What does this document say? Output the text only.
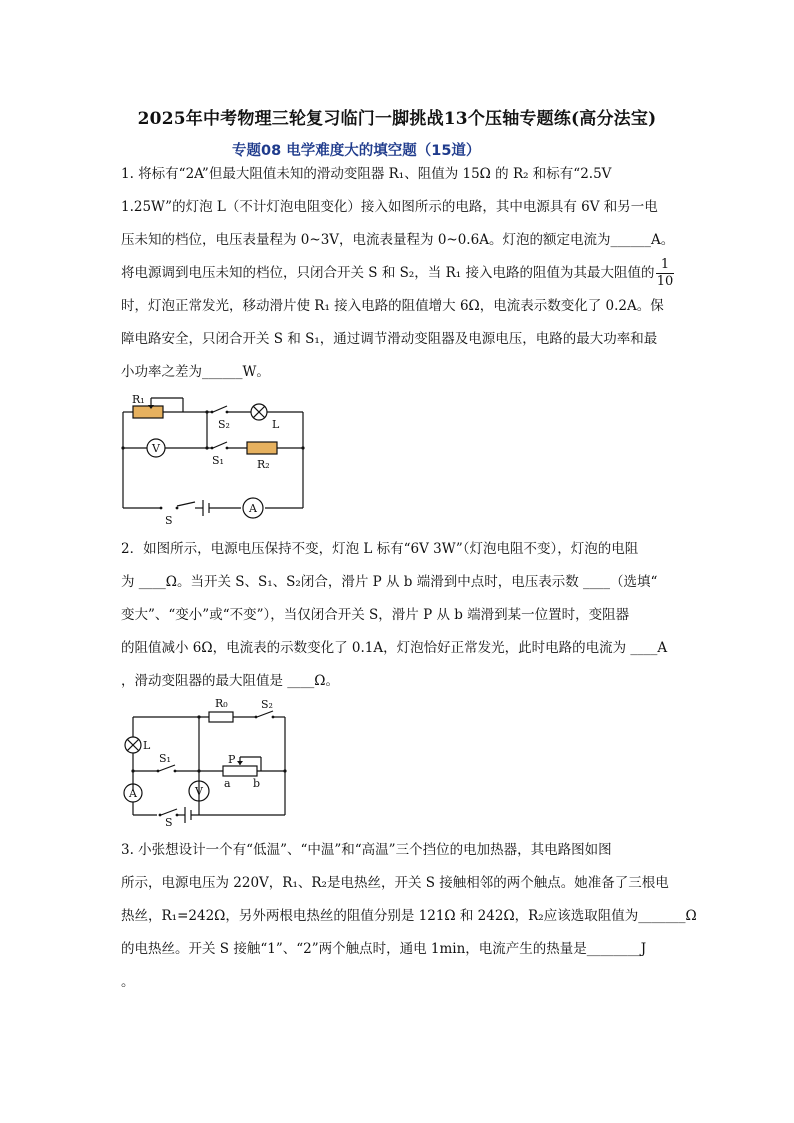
2025年中考物理三轮复习临门一脚挑战13个压轴专题练(高分法宝)
专题08 电学难度大的填空题（15道）
1. 将标有“2A”但最大阻值未知的滑动变阻器 R₁、阻值为 15Ω 的 R₂ 和标有“2.5V
1.25W”的灯泡 L（不计灯泡电阻变化）接入如图所示的电路，其中电源具有 6V 和另一电
压未知的档位，电压表量程为 0~3V，电流表量程为 0~0.6A。灯泡的额定电流为______A。
将电源调到电压未知的档位，只闭合开关 S 和 S₂，当 R₁ 接入电路的阻值为其最大阻值的
时，灯泡正常发光，移动滑片使 R₁ 接入电路的阻值增大 6Ω，电流表示数变化了 0.2A。保
障电路安全，只闭合开关 S 和 S₁，通过调节滑动变阻器及电源电压，电路的最大功率和最
小功率之差为______W。
$\frac{1}{10}$
R₁
S₂	L
V
S₁	R₂
S
A
2．如图所示，电源电压保持不变，灯泡 L 标有“6V 3W”（灯泡电阻不变），灯泡的电阻
为 ____Ω。当开关 S、S₁、S₂闭合，滑片 P 从 b 端滑到中点时，电压表示数 ____（选填“
变大”、“变小”或“不变”），当仅闭合开关 S，滑片 P 从 b 端滑到某一位置时，变阻器
的阻值减小 6Ω，电流表的示数变化了 0.1A，灯泡恰好正常发光，此时电路的电流为 ____A
，滑动变阻器的最大阻值是 ____Ω。
R₀	S₂
L
S₁	P
a b
A	V
S
3. 小张想设计一个有“低温”、“中温”和“高温”三个挡位的电加热器，其电路图如图
所示，电源电压为 220V，R₁、R₂是电热丝，开关 S 接触相邻的两个触点。她准备了三根电
热丝，R₁=242Ω，另外两根电热丝的阻值分别是 121Ω 和 242Ω，R₂应该选取阻值为_______Ω
的电热丝。开关 S 接触“1”、“2”两个触点时，通电 1min，电流产生的热量是________J
。
